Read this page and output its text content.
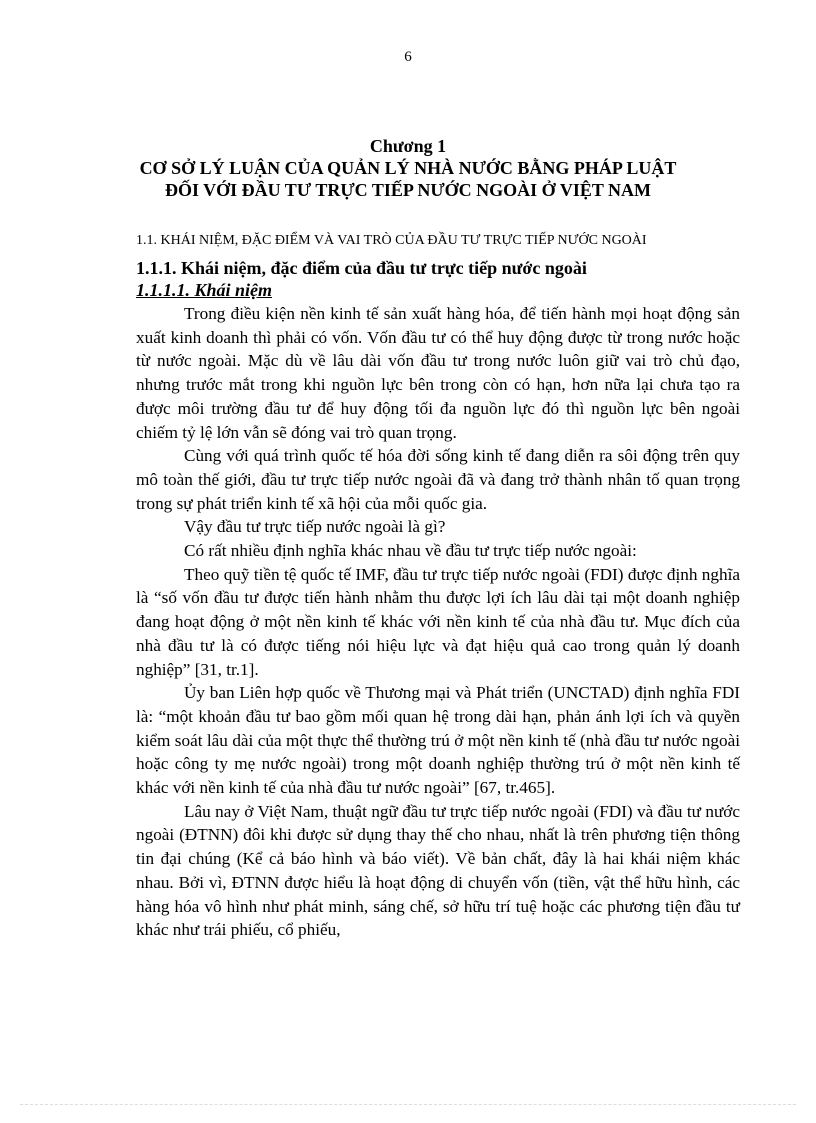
6
Chương 1
CƠ SỞ LÝ LUẬN CỦA QUẢN LÝ NHÀ NƯỚC BẰNG PHÁP LUẬT
ĐỐI VỚI ĐẦU TƯ TRỰC TIẾP NƯỚC NGOÀI Ở VIỆT NAM
1.1. KHÁI NIỆM, ĐẶC ĐIỂM VÀ VAI TRÒ CỦA ĐẦU TƯ TRỰC TIẾP NƯỚC NGOÀI
1.1.1. Khái niệm, đặc điểm của đầu tư trực tiếp nước ngoài
1.1.1.1. Khái niệm

Trong điều kiện nền kinh tế sản xuất hàng hóa, để tiến hành mọi hoạt động sản xuất kinh doanh thì phải có vốn. Vốn đầu tư có thể huy động được từ trong nước hoặc từ nước ngoài. Mặc dù về lâu dài vốn đầu tư trong nước luôn giữ vai trò chủ đạo, nhưng trước mắt trong khi nguồn lực bên trong còn có hạn, hơn nữa lại chưa tạo ra được môi trường đầu tư để huy động tối đa nguồn lực đó thì nguồn lực bên ngoài chiếm tỷ lệ lớn vẫn sẽ đóng vai trò quan trọng.

Cùng với quá trình quốc tế hóa đời sống kinh tế đang diễn ra sôi động trên quy mô toàn thế giới, đầu tư trực tiếp nước ngoài đã và đang trở thành nhân tố quan trọng trong sự phát triển kinh tế xã hội của mỗi quốc gia.

Vậy đầu tư trực tiếp nước ngoài là gì?

Có rất nhiều định nghĩa khác nhau về đầu tư trực tiếp nước ngoài:

Theo quỹ tiền tệ quốc tế IMF, đầu tư trực tiếp nước ngoài (FDI) được định nghĩa là “số vốn đầu tư được tiến hành nhằm thu được lợi ích lâu dài tại một doanh nghiệp đang hoạt động ở một nền kinh tế khác với nền kinh tế của nhà đầu tư. Mục đích của nhà đầu tư là có được tiếng nói hiệu lực và đạt hiệu quả cao trong quản lý doanh nghiệp” [31, tr.1].

Ủy ban Liên hợp quốc về Thương mại và Phát triển (UNCTAD) định nghĩa FDI là: “một khoản đầu tư bao gồm mối quan hệ trong dài hạn, phản ánh lợi ích và quyền kiểm soát lâu dài của một thực thể thường trú ở một nền kinh tế (nhà đầu tư nước ngoài hoặc công ty mẹ nước ngoài) trong một doanh nghiệp thường trú ở một nền kinh tế khác với nền kinh tế của nhà đầu tư nước ngoài” [67, tr.465].

Lâu nay ở Việt Nam, thuật ngữ đầu tư trực tiếp nước ngoài (FDI) và đầu tư nước ngoài (ĐTNN) đôi khi được sử dụng thay thế cho nhau, nhất là trên phương tiện thông tin đại chúng (Kể cả báo hình và báo viết). Về bản chất, đây là hai khái niệm khác nhau. Bởi vì, ĐTNN được hiểu là hoạt động di chuyển vốn (tiền, vật thể hữu hình, các hàng hóa vô hình như phát minh, sáng chế, sở hữu trí tuệ hoặc các phương tiện đầu tư khác như trái phiếu, cổ phiếu,
